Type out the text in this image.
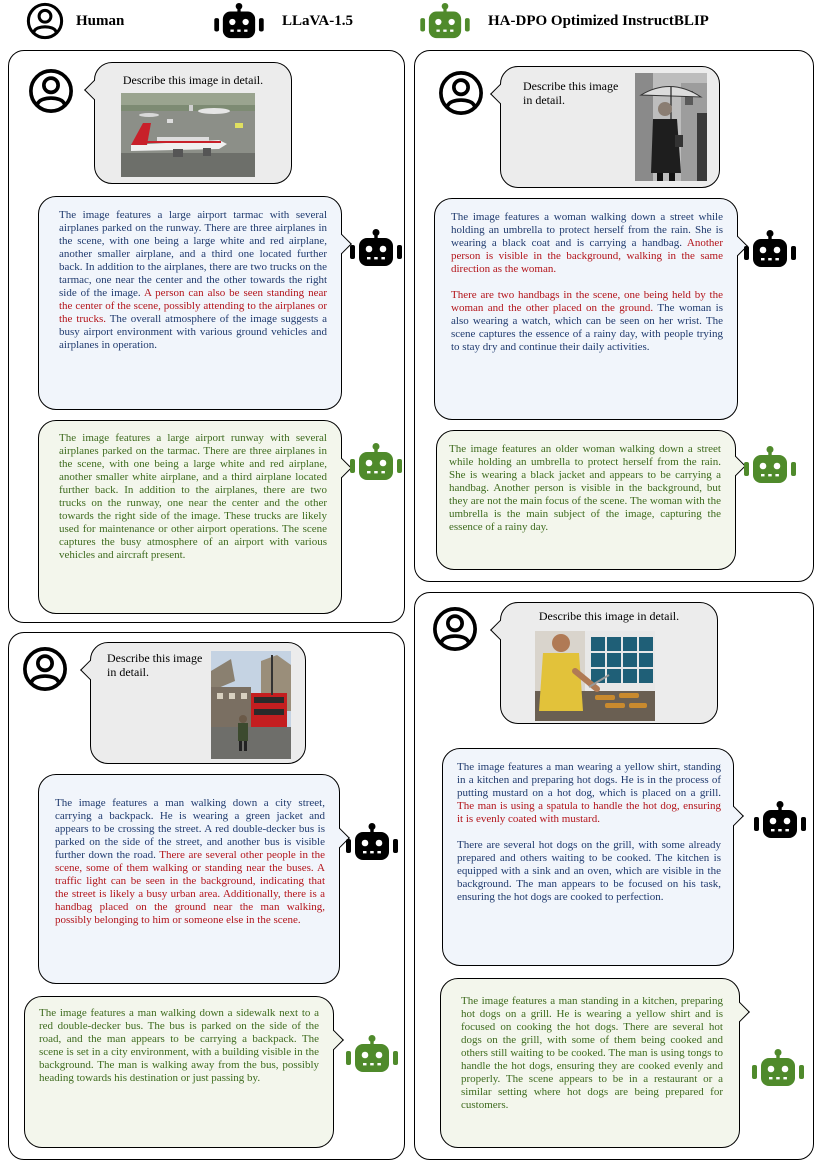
Human	LLaVA-1.5	HA-DPO Optimized InstructBLIP
Describe this image in detail.

The image features a large airport tarmac with several airplanes parked on the runway. There are three airplanes in the scene, with one being a large white and red airplane, another smaller airplane, and a third one located further back. In addition to the airplanes, there are two trucks on the tarmac, one near the center and the other towards the right side of the image. A person can also be seen standing near the center of the scene, possibly attending to the airplanes or the trucks. The overall atmosphere of the image suggests a busy airport environment with various ground vehicles and airplanes in operation.

The image features a large airport runway with several airplanes parked on the tarmac. There are three airplanes in the scene, with one being a large white and red airplane, another smaller white airplane, and a third airplane located further back. In addition to the airplanes, there are two trucks on the runway, one near the center and the other towards the right side of the image. These trucks are likely used for maintenance or other airport operations. The scene captures the busy atmosphere of an airport with various vehicles and aircraft present.
Describe this image
in detail.

The image features a woman walking down a street while holding an umbrella to protect herself from the rain. She is wearing a black coat and is carrying a handbag. Another person is visible in the background, walking in the same direction as the woman.

There are two handbags in the scene, one being held by the woman and the other placed on the ground. The woman is also wearing a watch, which can be seen on her wrist. The scene captures the essence of a rainy day, with people trying to stay dry and continue their daily activities.

The image features an older woman walking down a street while holding an umbrella to protect herself from the rain. She is wearing a black jacket and appears to be carrying a handbag. Another person is visible in the background, but they are not the main focus of the scene. The woman with the umbrella is the main subject of the image, capturing the essence of a rainy day.
Describe this image
in detail.

The image features a man walking down a city street, carrying a backpack. He is wearing a green jacket and appears to be crossing the street. A red double-decker bus is parked on the side of the street, and another bus is visible further down the road. There are several other people in the scene, some of them walking or standing near the buses. A traffic light can be seen in the background, indicating that the street is likely a busy urban area. Additionally, there is a handbag placed on the ground near the man walking, possibly belonging to him or someone else in the scene.

The image features a man walking down a sidewalk next to a red double-decker bus. The bus is parked on the side of the road, and the man appears to be carrying a backpack. The scene is set in a city environment, with a building visible in the background. The man is walking away from the bus, possibly heading towards his destination or just passing by.
Describe this image in detail.

The image features a man wearing a yellow shirt, standing in a kitchen and preparing hot dogs. He is in the process of putting mustard on a hot dog, which is placed on a grill. The man is using a spatula to handle the hot dog, ensuring it is evenly coated with mustard.

There are several hot dogs on the grill, with some already prepared and others waiting to be cooked. The kitchen is equipped with a sink and an oven, which are visible in the background. The man appears to be focused on his task, ensuring the hot dogs are cooked to perfection.

The image features a man standing in a kitchen, preparing hot dogs on a grill. He is wearing a yellow shirt and is focused on cooking the hot dogs. There are several hot dogs on the grill, with some of them being cooked and others still waiting to be cooked. The man is using tongs to handle the hot dogs, ensuring they are cooked evenly and properly. The scene appears to be in a restaurant or a similar setting where hot dogs are being prepared for customers.
